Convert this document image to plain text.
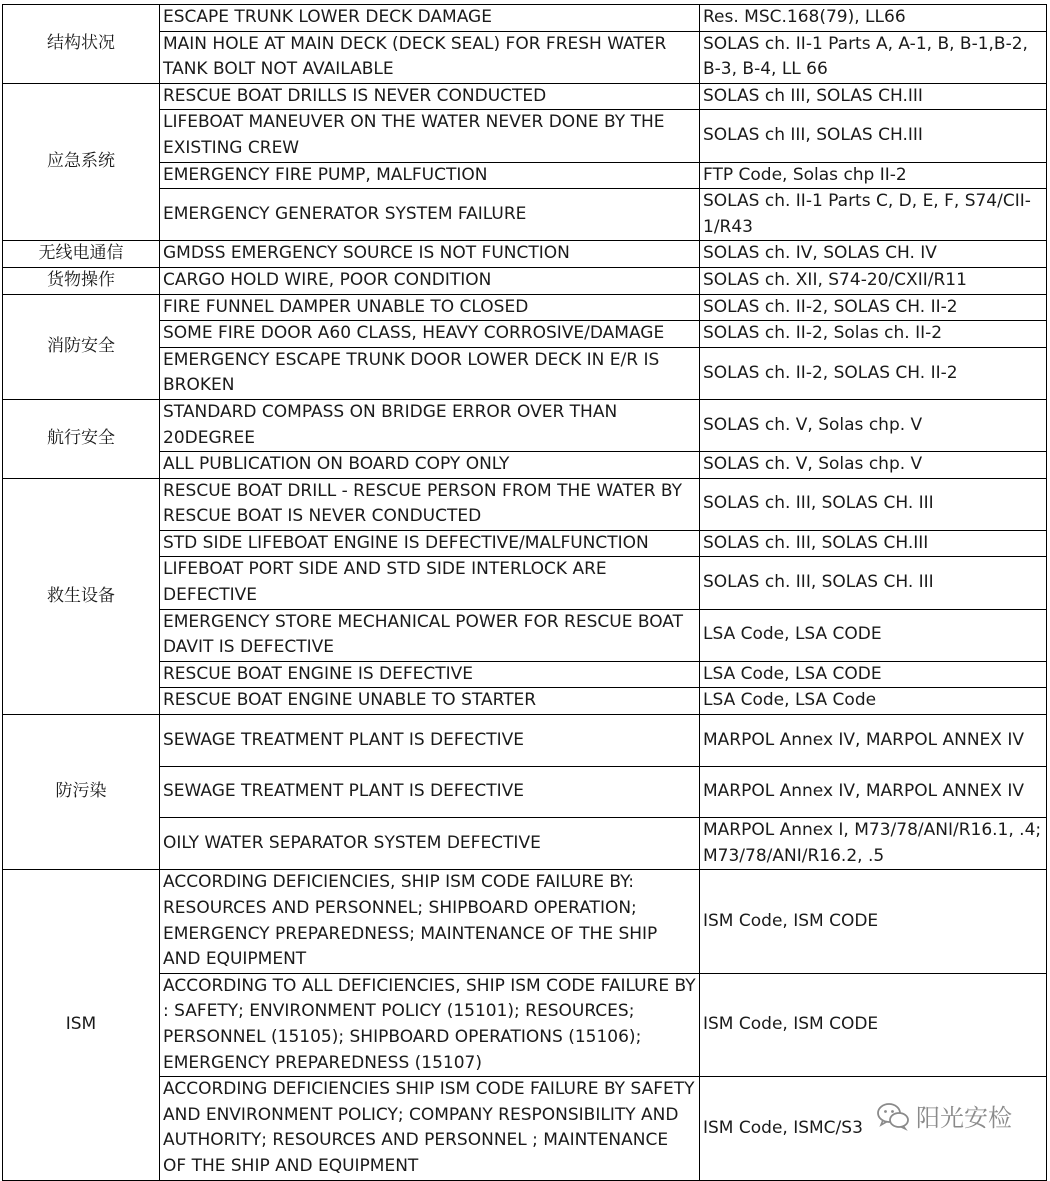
结构状况	ESCAPE TRUNK LOWER DECK DAMAGE	Res. MSC.168(79), LL66
	MAIN HOLE AT MAIN DECK (DECK SEAL) FOR FRESH WATER TANK BOLT NOT AVAILABLE	SOLAS ch. II-1 Parts A, A-1, B, B-1,B-2, B-3, B-4, LL 66
应急系统	RESCUE BOAT DRILLS IS NEVER CONDUCTED	SOLAS ch III, SOLAS CH.III
	LIFEBOAT MANEUVER ON THE WATER NEVER DONE BY THE EXISTING CREW	SOLAS ch III, SOLAS CH.III
	EMERGENCY FIRE PUMP, MALFUCTION	FTP Code, Solas chp II-2
	EMERGENCY GENERATOR SYSTEM FAILURE	SOLAS ch. II-1 Parts C, D, E, F, S74/CII-1/R43
无线电通信	GMDSS EMERGENCY SOURCE IS NOT FUNCTION	SOLAS ch. IV, SOLAS CH. IV
货物操作	CARGO HOLD WIRE, POOR CONDITION	SOLAS ch. XII, S74-20/CXII/R11
消防安全	FIRE FUNNEL DAMPER UNABLE TO CLOSED	SOLAS ch. II-2, SOLAS CH. II-2
	SOME FIRE DOOR A60 CLASS, HEAVY CORROSIVE/DAMAGE	SOLAS ch. II-2, Solas ch. II-2
	EMERGENCY ESCAPE TRUNK DOOR LOWER DECK IN E/R IS BROKEN	SOLAS ch. II-2, SOLAS CH. II-2
航行安全	STANDARD COMPASS ON BRIDGE ERROR OVER THAN 20DEGREE	SOLAS ch. V, Solas chp. V
	ALL PUBLICATION ON BOARD COPY ONLY	SOLAS ch. V, Solas chp. V
救生设备	RESCUE BOAT DRILL - RESCUE PERSON FROM THE WATER BY RESCUE BOAT IS NEVER CONDUCTED	SOLAS ch. III, SOLAS CH. III
	STD SIDE LIFEBOAT ENGINE IS DEFECTIVE/MALFUNCTION	SOLAS ch. III, SOLAS CH.III
	LIFEBOAT PORT SIDE AND STD SIDE INTERLOCK ARE DEFECTIVE	SOLAS ch. III, SOLAS CH. III
	EMERGENCY STORE MECHANICAL POWER FOR RESCUE BOAT DAVIT IS DEFECTIVE	LSA Code, LSA CODE
	RESCUE BOAT ENGINE IS DEFECTIVE	LSA Code, LSA CODE
	RESCUE BOAT ENGINE UNABLE TO STARTER	LSA Code, LSA Code
防污染	SEWAGE TREATMENT PLANT IS DEFECTIVE	MARPOL Annex IV, MARPOL ANNEX IV
	SEWAGE TREATMENT PLANT IS DEFECTIVE	MARPOL Annex IV, MARPOL ANNEX IV
	OILY WATER SEPARATOR SYSTEM DEFECTIVE	MARPOL Annex I, M73/78/ANI/R16.1, .4; M73/78/ANI/R16.2, .5
ISM	ACCORDING DEFICIENCIES, SHIP ISM CODE FAILURE BY: RESOURCES AND PERSONNEL; SHIPBOARD OPERATION; EMERGENCY PREPAREDNESS; MAINTENANCE OF THE SHIP AND EQUIPMENT	ISM Code, ISM CODE
	ACCORDING TO ALL DEFICIENCIES, SHIP ISM CODE FAILURE BY : SAFETY; ENVIRONMENT POLICY (15101); RESOURCES; PERSONNEL (15105); SHIPBOARD OPERATIONS (15106); EMERGENCY PREPAREDNESS (15107)	ISM Code, ISM CODE
	ACCORDING DEFICIENCIES SHIP ISM CODE FAILURE BY SAFETY AND ENVIRONMENT POLICY; COMPANY RESPONSIBILITY AND AUTHORITY; RESOURCES AND PERSONNEL ; MAINTENANCE OF THE SHIP AND EQUIPMENT	ISM Code, ISMC/S3 阳光安检
